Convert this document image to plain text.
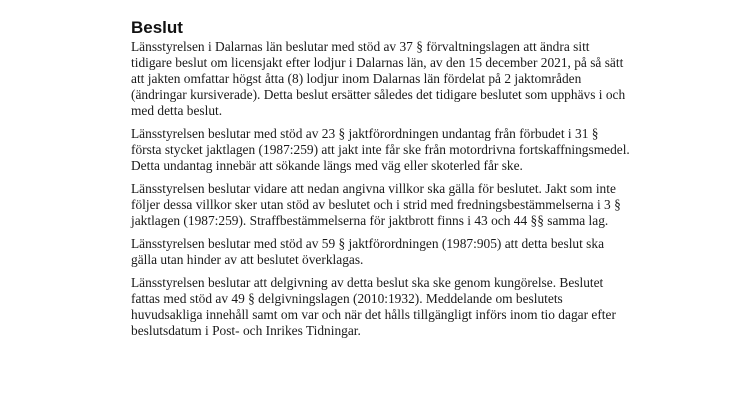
Beslut

Länsstyrelsen i Dalarnas län beslutar med stöd av 37 § förvaltningslagen att ändra sitt tidigare beslut om licensjakt efter lodjur i Dalarnas län, av den 15 december 2021, på så sätt att jakten omfattar högst åtta (8) lodjur inom Dalarnas län fördelat på 2 jaktområden (ändringar kursiverade). Detta beslut ersätter således det tidigare beslutet som upphävs i och med detta beslut.

Länsstyrelsen beslutar med stöd av 23 § jaktförordningen undantag från förbudet i 31 § första stycket jaktlagen (1987:259) att jakt inte får ske från motordrivna fortskaffningsmedel. Detta undantag innebär att sökande längs med väg eller skoterled får ske.

Länsstyrelsen beslutar vidare att nedan angivna villkor ska gälla för beslutet. Jakt som inte följer dessa villkor sker utan stöd av beslutet och i strid med fredningsbestämmelserna i 3 § jaktlagen (1987:259). Straffbestämmelserna för jaktbrott finns i 43 och 44 §§ samma lag.

Länsstyrelsen beslutar med stöd av 59 § jaktförordningen (1987:905) att detta beslut ska gälla utan hinder av att beslutet överklagas.

Länsstyrelsen beslutar att delgivning av detta beslut ska ske genom kungörelse. Beslutet fattas med stöd av 49 § delgivningslagen (2010:1932). Meddelande om beslutets huvudsakliga innehåll samt om var och när det hålls tillgängligt införs inom tio dagar efter beslutsdatum i Post- och Inrikes Tidningar.
